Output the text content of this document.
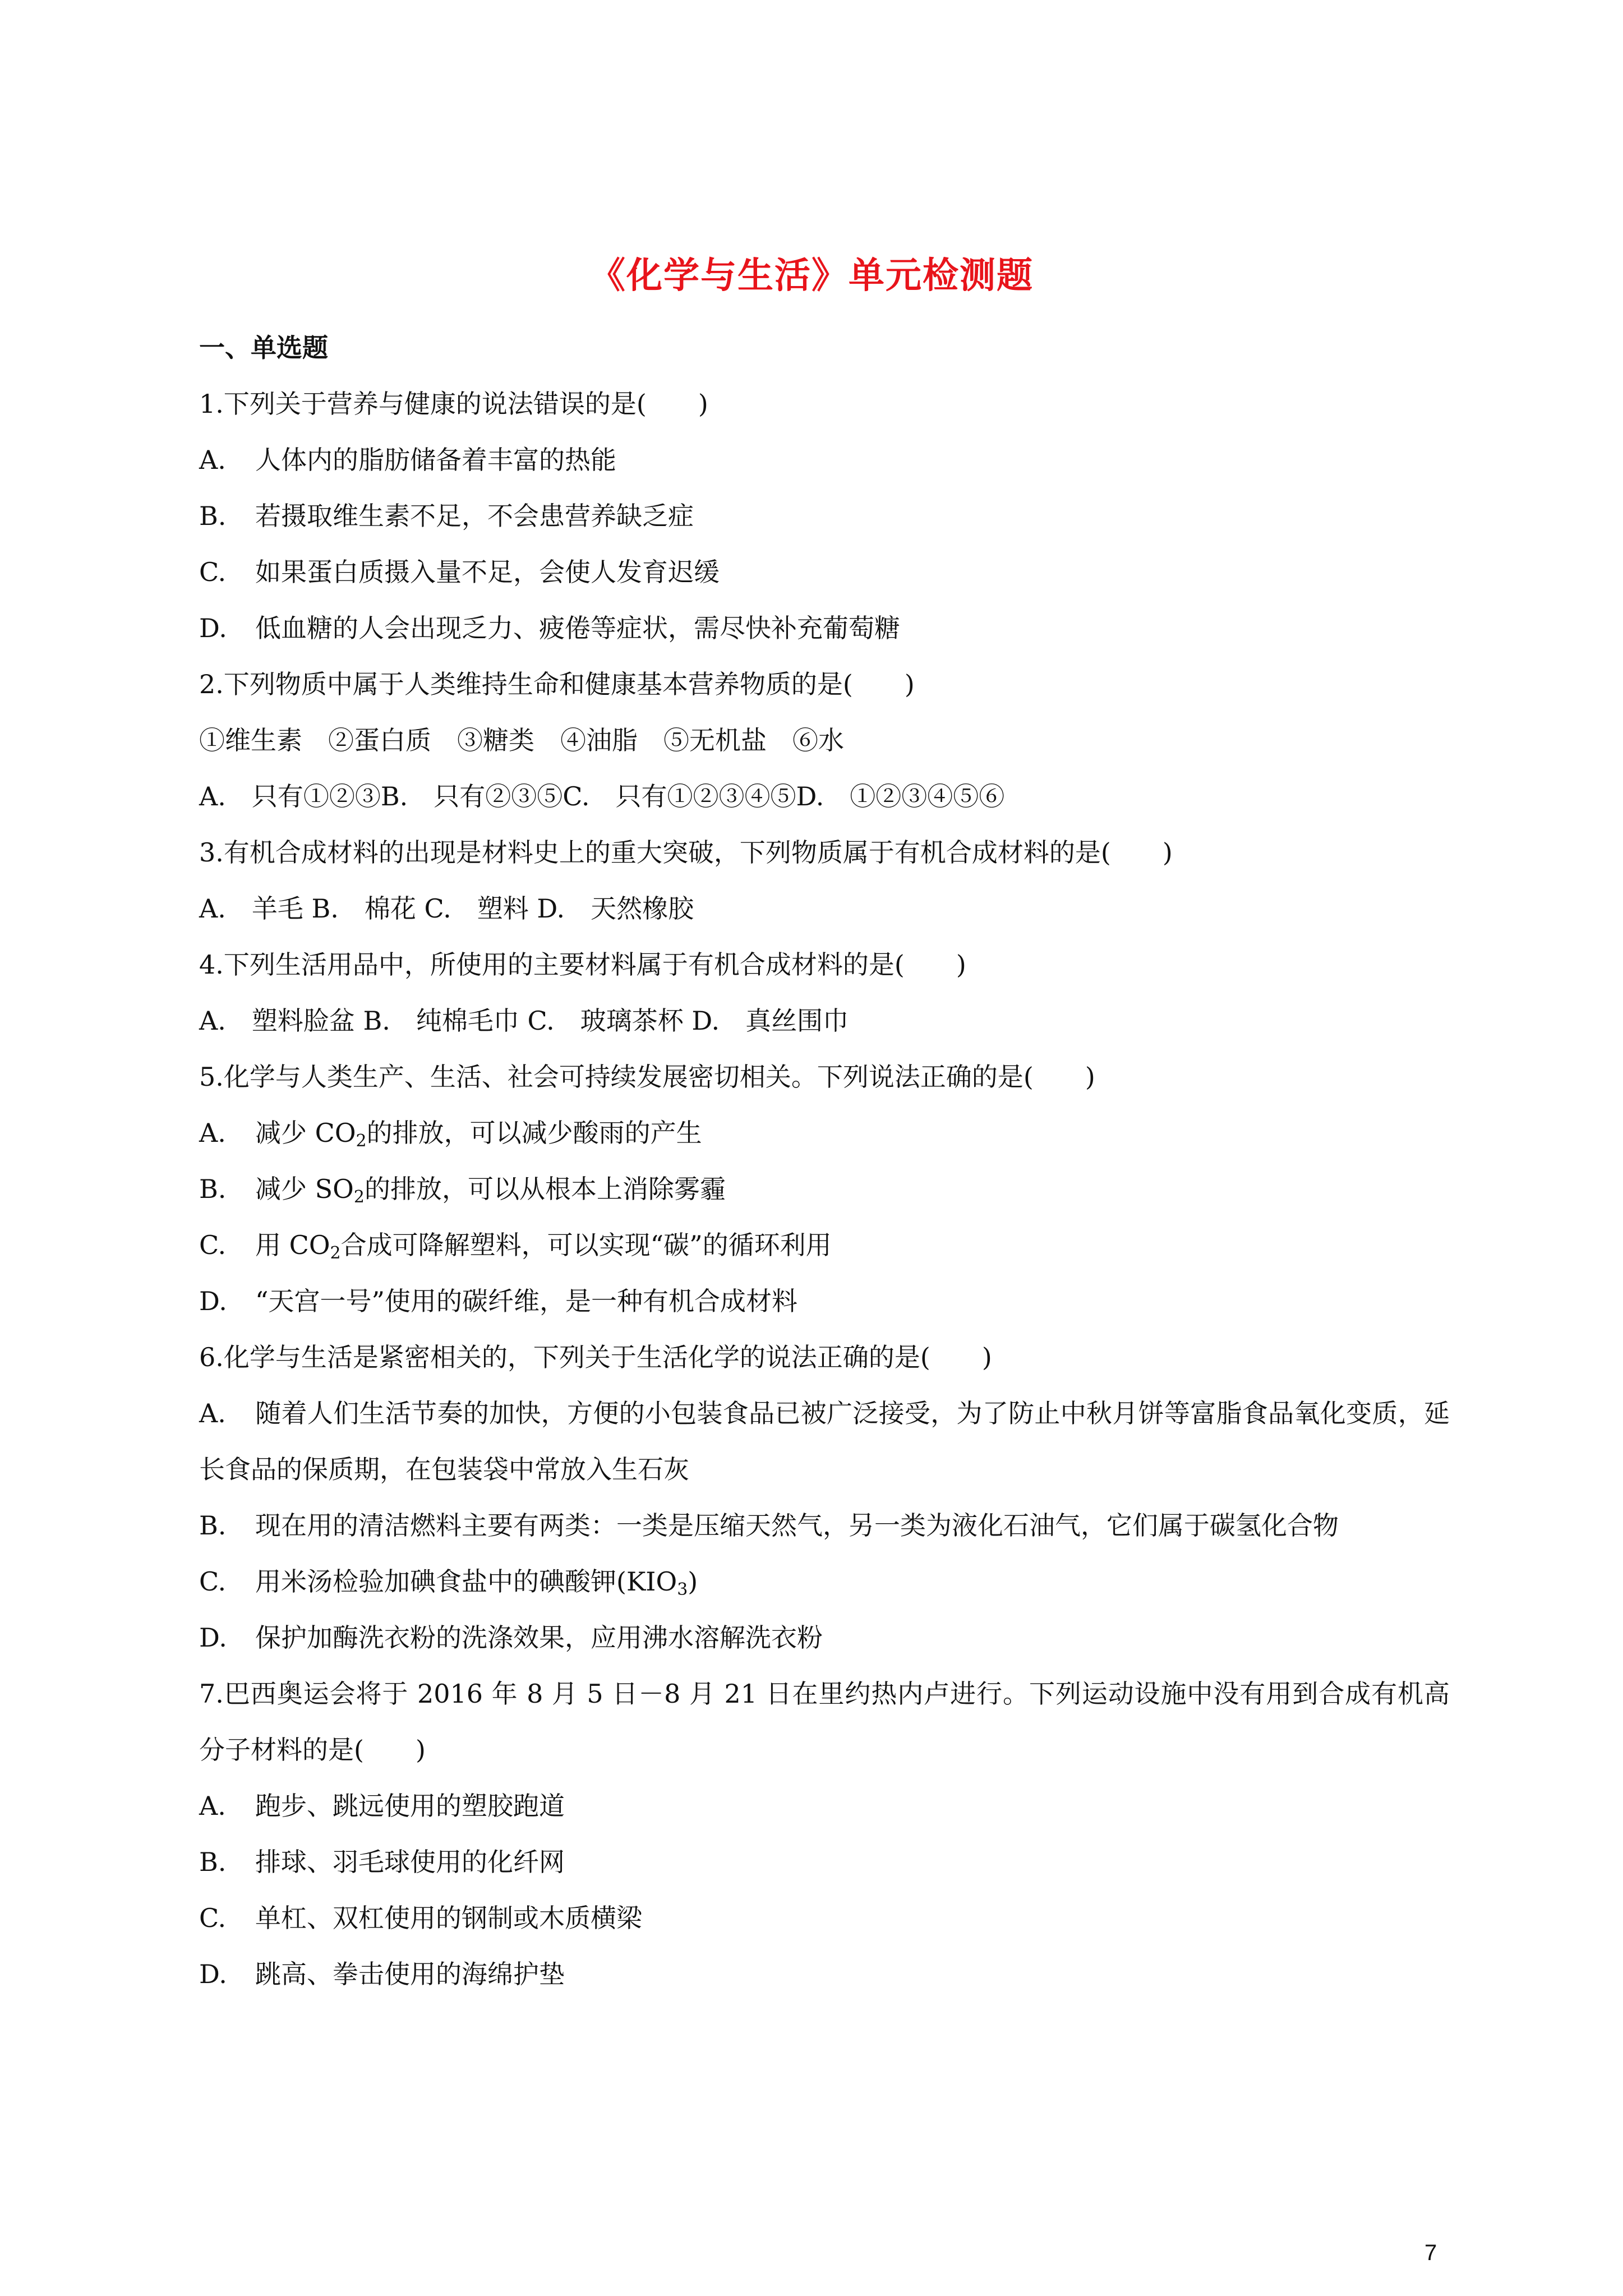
《化学与生活》单元检测题
一、单选题
1.下列关于营养与健康的说法错误的是(　　)
A. 人体内的脂肪储备着丰富的热能
B. 若摄取维生素不足，不会患营养缺乏症
C. 如果蛋白质摄入量不足，会使人发育迟缓
D. 低血糖的人会出现乏力、疲倦等症状，需尽快补充葡萄糖
2.下列物质中属于人类维持生命和健康基本营养物质的是(　　)
①维生素　②蛋白质　③糖类　④油脂　⑤无机盐　⑥水
A.　只有①②③B.　只有②③⑤C.　只有①②③④⑤D.　①②③④⑤⑥
3.有机合成材料的出现是材料史上的重大突破，下列物质属于有机合成材料的是(　　)
A.　羊毛 B.　棉花 C.　塑料 D.　天然橡胶
4.下列生活用品中，所使用的主要材料属于有机合成材料的是(　　)
A.　塑料脸盆 B.　纯棉毛巾 C.　玻璃茶杯 D.　真丝围巾
5.化学与人类生产、生活、社会可持续发展密切相关。下列说法正确的是(　　)
A. 减少 $CO_2$的排放，可以减少酸雨的产生
B. 减少 $SO_2$的排放，可以从根本上消除雾霾
C. 用 $CO_2$合成可降解塑料，可以实现“碳”的循环利用
D. “天宫一号”使用的碳纤维，是一种有机合成材料
6.化学与生活是紧密相关的，下列关于生活化学的说法正确的是(　　)
A. 随着人们生活节奏的加快，方便的小包装食品已被广泛接受，为了防止中秋月饼等富脂食品氧化变质，延长食品的保质期，在包装袋中常放入生石灰
B. 现在用的清洁燃料主要有两类：一类是压缩天然气，另一类为液化石油气，它们属于碳氢化合物
C. 用米汤检验加碘食盐中的碘酸钾$(KIO_3)$
D. 保护加酶洗衣粉的洗涤效果，应用沸水溶解洗衣粉
7.巴西奥运会将于 2016 年 8 月 5 日－8 月 21 日在里约热内卢进行。下列运动设施中没有用到合成有机高分子材料的是(　　)
A. 跑步、跳远使用的塑胶跑道
B. 排球、羽毛球使用的化纤网
C. 单杠、双杠使用的钢制或木质横梁
D. 跳高、拳击使用的海绵护垫
7
